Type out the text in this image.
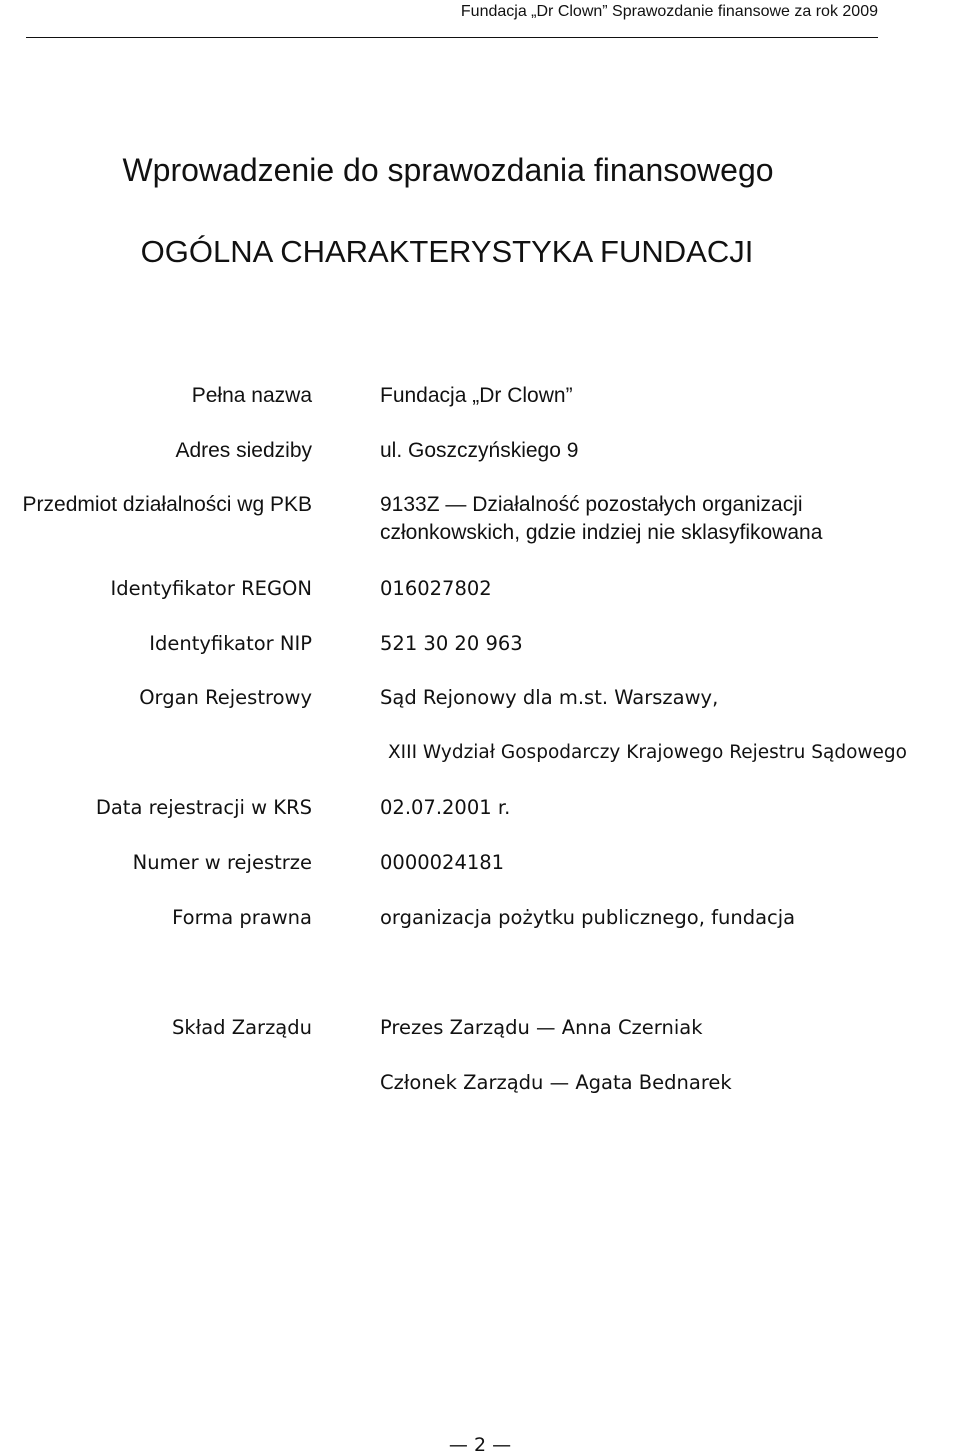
Fundacja „Dr Clown” Sprawozdanie finansowe za rok 2009
Wprowadzenie do sprawozdania finansowego
OGÓLNA CHARAKTERYSTYKA FUNDACJI
Pełna nazwa	Fundacja „Dr Clown”
Adres siedziby	ul. Goszczyńskiego 9
Przedmiot działalności wg PKB	9133Z — Działalność pozostałych organizacji
członkowskich, gdzie indziej nie sklasyfikowana
Identyfikator REGON	016027802
Identyfikator NIP	521 30 20 963
Organ Rejestrowy	Sąd Rejonowy dla m.st. Warszawy,
XIII Wydział Gospodarczy Krajowego Rejestru Sądowego
Data rejestracji w KRS	02.07.2001 r.
Numer w rejestrze	0000024181
Forma prawna	organizacja pożytku publicznego, fundacja
Skład Zarządu	Prezes Zarządu — Anna Czerniak
Członek Zarządu — Agata Bednarek
— 2 —
